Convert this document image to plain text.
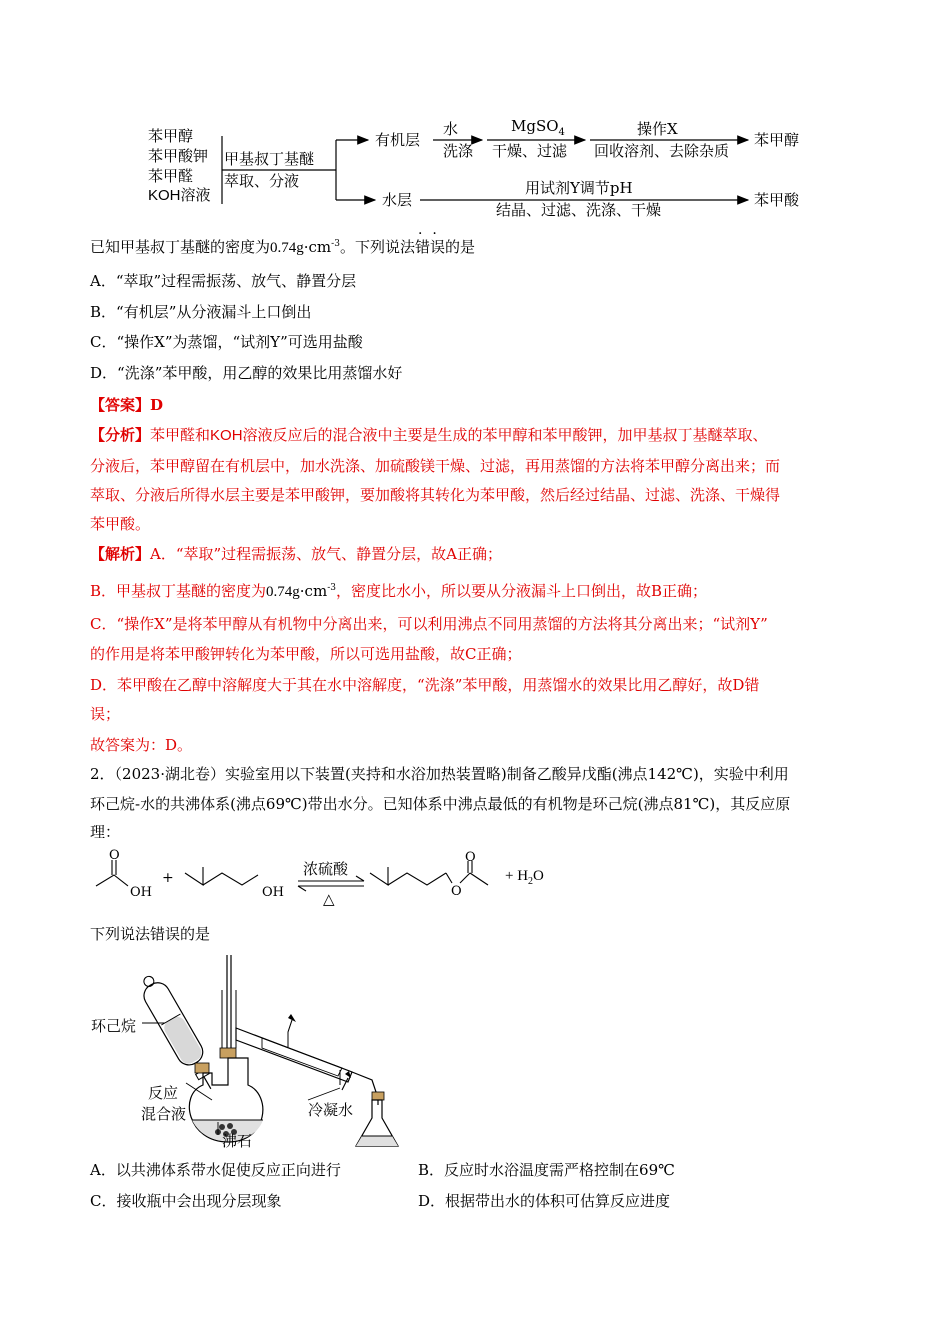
苯甲醇
苯甲酸钾
苯甲醛
KOH溶液
甲基叔丁基醚
萃取、分液
有机层
水
洗涤
MgSO$_4$
干燥、过滤
操作X
回收溶剂、去除杂质
苯甲醇
水层
用试剂Y调节pH
结晶、过滤、洗涤、干燥
苯甲酸
已知甲基叔丁基醚的密度为$0.74g\cdot cm^{-3}$。下列说法错误
··
的是
A．“萃取”过程需振荡、放气、静置分层
B．“有机层”从分液漏斗上口倒出
C．“操作X”为蒸馏，“试剂Y”可选用盐酸
D．“洗涤”苯甲酸，用乙醇的效果比用蒸馏水好
【答案】D
【分析】苯甲醛和KOH溶液反应后的混合液中主要是生成的苯甲醇和苯甲酸钾，加甲基叔丁基醚萃取、
分液后，苯甲醇留在有机层中，加水洗涤、加硫酸镁干燥、过滤，再用蒸馏的方法将苯甲醇分离出来；而
萃取、分液后所得水层主要是苯甲酸钾，要加酸将其转化为苯甲酸，然后经过结晶、过滤、洗涤、干燥得
苯甲酸。
【解析】A．“萃取”过程需振荡、放气、静置分层，故A正确；
B．甲基叔丁基醚的密度为$0.74g\cdot cm^{-3}$，密度比水小，所以要从分液漏斗上口倒出，故B正确；
C．“操作X”是将苯甲醇从有机物中分离出来，可以利用沸点不同用蒸馏的方法将其分离出来；“试剂Y”
的作用是将苯甲酸钾转化为苯甲酸，所以可选用盐酸，故C正确；
D．苯甲酸在乙醇中溶解度大于其在水中溶解度，“洗涤”苯甲酸，用蒸馏水的效果比用乙醇好，故D错
误；
故答案为：D。
2．（2023·湖北卷）实验室用以下装置(夹持和水浴加热装置略)制备乙酸异戊酯(沸点142℃)，实验中利用
环己烷-水的共沸体系(沸点69℃)带出水分。已知体系中沸点最低的有机物是环己烷(沸点81℃)，其反应原
理：
O
OH
+
OH
浓硫酸
△
O
O
+ $H_2O$
下列说法错误的是
环己烷
反应
混合液
沸石
冷凝水
A．以共沸体系带水促使反应正向进行	B．反应时水浴温度需严格控制在69℃
C．接收瓶中会出现分层现象	D．根据带出水的体积可估算反应进度
